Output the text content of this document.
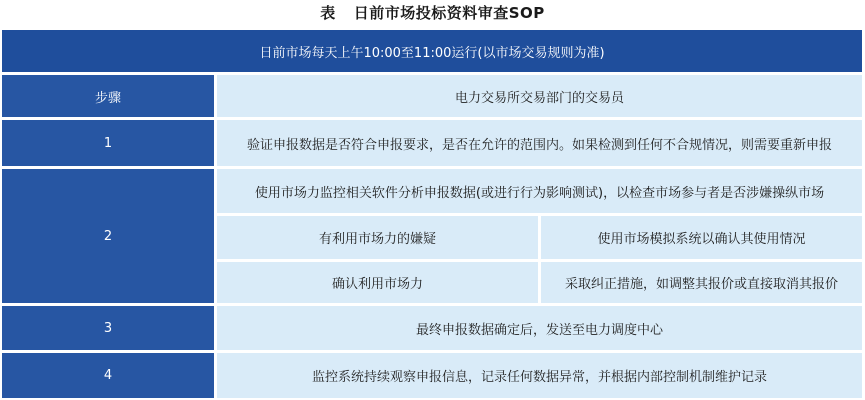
表 日前市场投标资料审查SOP
日前市场每天上午10:00至11:00运行(以市场交易规则为准)
步骤	电力交易所交易部门的交易员
1	验证申报数据是否符合申报要求，是否在允许的范围内。如果检测到任何不合规情况，则需要重新申报
2
使用市场力监控相关软件分析申报数据(或进行行为影响测试)，以检查市场参与者是否涉嫌操纵市场
有利用市场力的嫌疑	使用市场模拟系统以确认其使用情况
确认利用市场力	采取纠正措施，如调整其报价或直接取消其报价
3	最终申报数据确定后，发送至电力调度中心
4	监控系统持续观察申报信息，记录任何数据异常，并根据内部控制机制维护记录
